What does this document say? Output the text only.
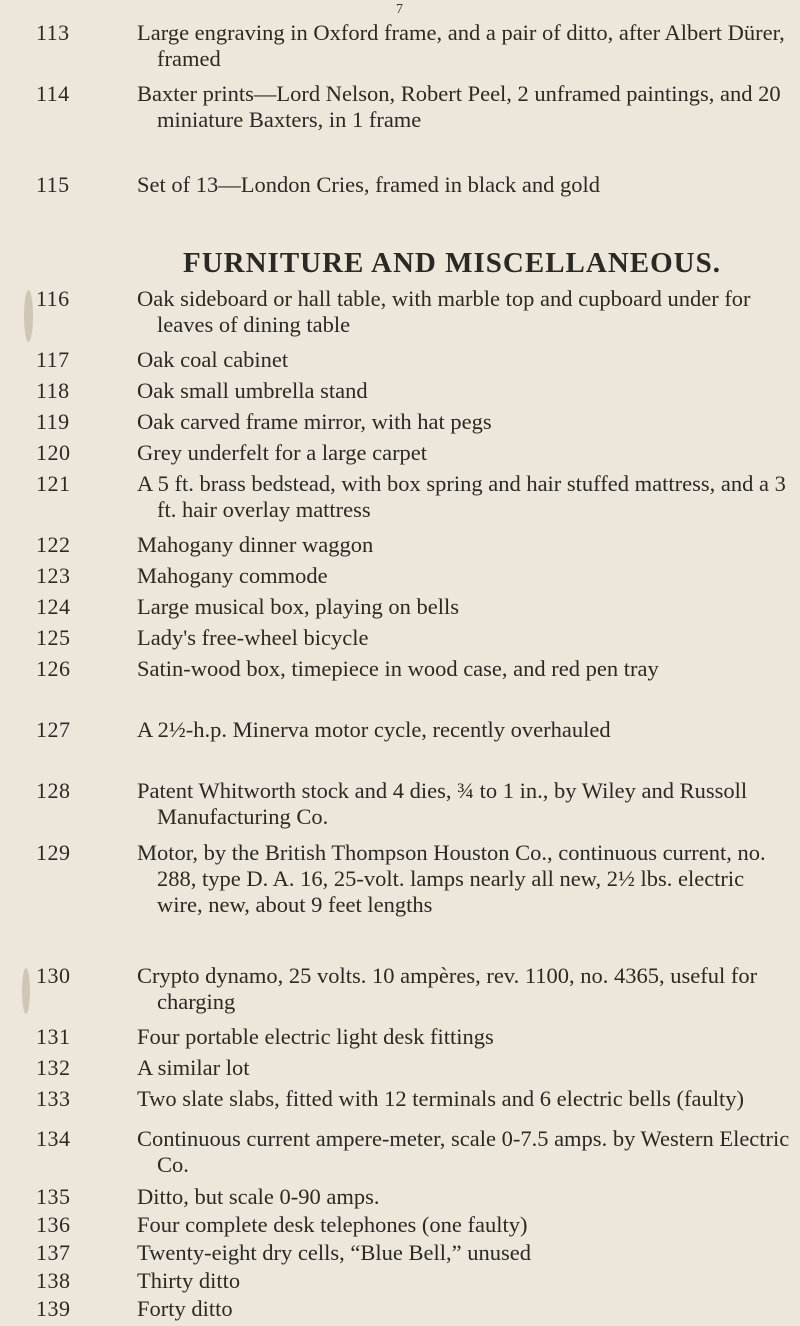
7
113	Large engraving in Oxford frame, and a pair of ditto, after Albert Dürer, framed
114	Baxter prints—Lord Nelson, Robert Peel, 2 unframed paintings, and 20 miniature Baxters, in 1 frame
115	Set of 13—London Cries, framed in black and gold
FURNITURE AND MISCELLANEOUS.
116	Oak sideboard or hall table, with marble top and cupboard under for leaves of dining table
117	Oak coal cabinet
118	Oak small umbrella stand
119	Oak carved frame mirror, with hat pegs
120	Grey underfelt for a large carpet
121	A 5 ft. brass bedstead, with box spring and hair stuffed mattress, and a 3 ft. hair overlay mattress
122	Mahogany dinner waggon
123	Mahogany commode
124	Large musical box, playing on bells
125	Lady's free-wheel bicycle
126	Satin-wood box, timepiece in wood case, and red pen tray
127	A 2½-h.p. Minerva motor cycle, recently overhauled
128	Patent Whitworth stock and 4 dies, ¾ to 1 in., by Wiley and Russoll Manufacturing Co.
129	Motor, by the British Thompson Houston Co., continuous current, no. 288, type D. A. 16, 25-volt. lamps nearly all new, 2½ lbs. electric wire, new, about 9 feet lengths
130	Crypto dynamo, 25 volts. 10 ampères, rev. 1100, no. 4365, useful for charging
131	Four portable electric light desk fittings
132	A similar lot
133	Two slate slabs, fitted with 12 terminals and 6 electric bells (faulty)
134	Continuous current ampere-meter, scale 0-7.5 amps. by Western Electric Co.
135	Ditto, but scale 0-90 amps.
136	Four complete desk telephones (one faulty)
137	Twenty-eight dry cells, “Blue Bell,” unused
138	Thirty ditto
139	Forty ditto
